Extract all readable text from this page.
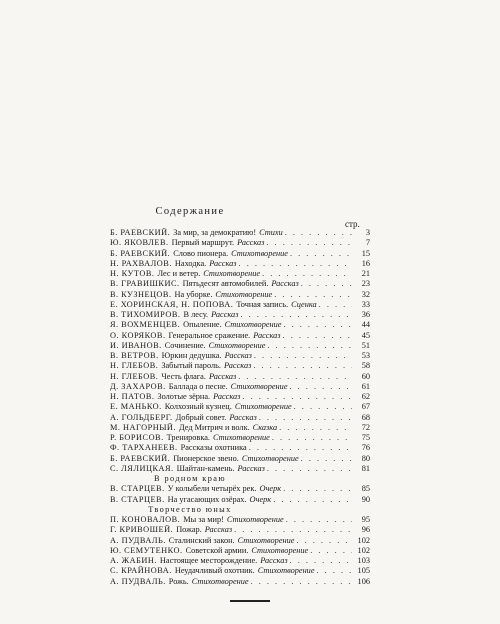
Содержание
стр.
Б. РАЕВСКИЙ. За мир, за демократию! Стихи . . .	3
Ю. ЯКОВЛЕВ. Первый маршрут. Рассказ . . .	7
Б. РАЕВСКИЙ. Слово пионера. Стихотворение . . .	15
Н. РАХВАЛОВ. Находка. Рассказ . . .	16
Н. КУТОВ. Лес и ветер. Стихотворение . . .	21
В. ГРАВИШКИС. Пятьдесят автомобилей. Рассказ . . .	23
В. КУЗНЕЦОВ. На уборке. Стихотворение . . .	32
Е. ХОРИНСКАЯ, Н. ПОПОВА. Точная запись. Сценка . . .	33
В. ТИХОМИРОВ. В лесу. Рассказ . . .	36
Я. ВОХМЕНЦЕВ. Опыление. Стихотворение . . .	44
О. КОРЯКОВ. Генеральное сражение. Рассказ . . .	45
И. ИВАНОВ. Сочинение. Стихотворение . . .	51
В. ВЕТРОВ. Юркин дедушка. Рассказ . . .	53
Н. ГЛЕБОВ. Забытый пароль. Рассказ . . .	58
Н. ГЛЕБОВ. Честь флага. Рассказ . . .	60
Д. ЗАХАРОВ. Баллада о песне. Стихотворение . . .	61
Н. ПАТОВ. Золотые зёрна. Рассказ . . .	62
Е. МАНЬКО. Колхозный кузнец. Стихотворение . . .	67
А. ГОЛЬДБЕРГ. Добрый совет. Рассказ . . .	68
М. НАГОРНЫЙ. Дед Митрич и волк. Сказка . . .	72
Р. БОРИСОВ. Тренировка. Стихотворение . . .	75
Ф. ТАРХАНЕЕВ. Рассказы охотника . . .	76
Б. РАЕВСКИЙ. Пионерское звено. Стихотворение . . .	80
С. ЛЯЛИЦКАЯ. Шайтан-камень. Рассказ . . .	81
В родном краю
В. СТАРЦЕВ. У колыбели четырёх рек. Очерк . . .	85
В. СТАРЦЕВ. На угасающих озёрах. Очерк . . .	90
Творчество юных
П. КОНОВАЛОВ. Мы за мир! Стихотворение . . .	95
Г. КРИВОШЕЙ. Пожар. Рассказ . . .	96
А. ПУДВАЛЬ. Сталинский закон. Стихотворение . . .	102
Ю. СЕМУТЕНКО. Советской армии. Стихотворение . . .	102
А. ЖАБИН. Настоящее месторождение. Рассказ . . .	103
С. КРАЙНОВА. Неудачливый охотник. Стихотворение . . .	105
А. ПУДВАЛЬ. Рожь. Стихотворение . . .	106
